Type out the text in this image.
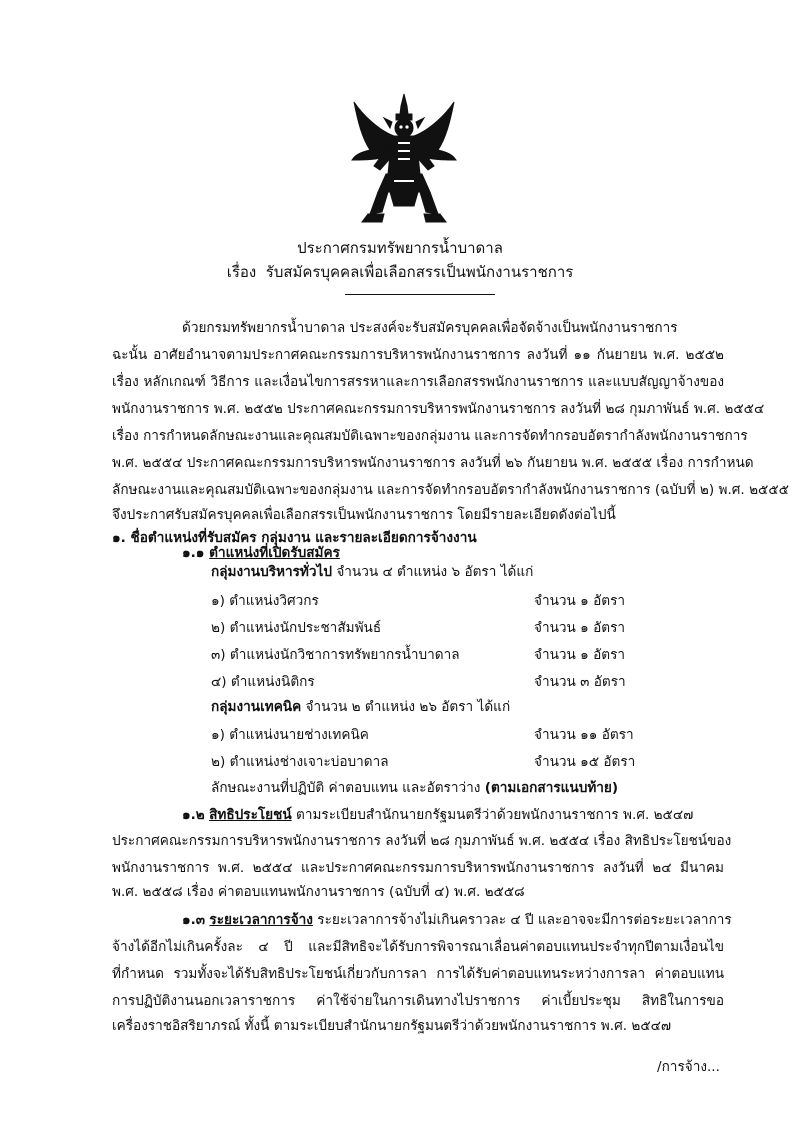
ประกาศกรมทรัพยากรน้ำบาดาล
เรื่อง รับสมัครบุคคลเพื่อเลือกสรรเป็นพนักงานราชการ
ด้วยกรมทรัพยากรน้ำบาดาล ประสงค์จะรับสมัครบุคคลเพื่อจัดจ้างเป็นพนักงานราชการ
ฉะนั้น อาศัยอำนาจตามประกาศคณะกรรมการบริหารพนักงานราชการ ลงวันที่ ๑๑ กันยายน พ.ศ. ๒๕๕๒
เรื่อง หลักเกณฑ์ วิธีการ และเงื่อนไขการสรรหาและการเลือกสรรพนักงานราชการ และแบบสัญญาจ้างของ
พนักงานราชการ พ.ศ. ๒๕๕๒ ประกาศคณะกรรมการบริหารพนักงานราชการ ลงวันที่ ๒๘ กุมภาพันธ์ พ.ศ. ๒๕๕๔
เรื่อง การกำหนดลักษณะงานและคุณสมบัติเฉพาะของกลุ่มงาน และการจัดทำกรอบอัตรากำลังพนักงานราชการ
พ.ศ. ๒๕๕๔ ประกาศคณะกรรมการบริหารพนักงานราชการ ลงวันที่ ๒๖ กันยายน พ.ศ. ๒๕๕๕ เรื่อง การกำหนด
ลักษณะงานและคุณสมบัติเฉพาะของกลุ่มงาน และการจัดทำกรอบอัตรากำลังพนักงานราชการ (ฉบับที่ ๒) พ.ศ. ๒๕๕๕
จึงประกาศรับสมัครบุคคลเพื่อเลือกสรรเป็นพนักงานราชการ โดยมีรายละเอียดดังต่อไปนี้
๑. ชื่อตำแหน่งที่รับสมัคร กลุ่มงาน และรายละเอียดการจ้างงาน
๑.๑ ตำแหน่งที่เปิดรับสมัคร
กลุ่มงานบริหารทั่วไป จำนวน ๔ ตำแหน่ง ๖ อัตรา ได้แก่
๑) ตำแหน่งวิศวกร	จำนวน ๑ อัตรา
๒) ตำแหน่งนักประชาสัมพันธ์	จำนวน ๑ อัตรา
๓) ตำแหน่งนักวิชาการทรัพยากรน้ำบาดาล	จำนวน ๑ อัตรา
๔) ตำแหน่งนิติกร	จำนวน ๓ อัตรา
กลุ่มงานเทคนิค จำนวน ๒ ตำแหน่ง ๒๖ อัตรา ได้แก่
๑) ตำแหน่งนายช่างเทคนิค	จำนวน ๑๑ อัตรา
๒) ตำแหน่งช่างเจาะบ่อบาดาล	จำนวน ๑๕ อัตรา
ลักษณะงานที่ปฏิบัติ ค่าตอบแทน และอัตราว่าง (ตามเอกสารแนบท้าย)
๑.๒ สิทธิประโยชน์ ตามระเบียบสำนักนายกรัฐมนตรีว่าด้วยพนักงานราชการ พ.ศ. ๒๕๔๗
ประกาศคณะกรรมการบริหารพนักงานราชการ ลงวันที่ ๒๘ กุมภาพันธ์ พ.ศ. ๒๕๕๔ เรื่อง สิทธิประโยชน์ของ
พนักงานราชการ พ.ศ. ๒๕๕๔ และประกาศคณะกรรมการบริหารพนักงานราชการ ลงวันที่ ๒๔ มีนาคม
พ.ศ. ๒๕๕๘ เรื่อง ค่าตอบแทนพนักงานราชการ (ฉบับที่ ๔) พ.ศ. ๒๕๕๘
๑.๓ ระยะเวลาการจ้าง ระยะเวลาการจ้างไม่เกินคราวละ ๔ ปี และอาจจะมีการต่อระยะเวลาการ
จ้างได้อีกไม่เกินครั้งละ ๔ ปี และมีสิทธิจะได้รับการพิจารณาเลื่อนค่าตอบแทนประจำทุกปีตามเงื่อนไข
ที่กำหนด รวมทั้งจะได้รับสิทธิประโยชน์เกี่ยวกับการลา การได้รับค่าตอบแทนระหว่างการลา ค่าตอบแทน
การปฏิบัติงานนอกเวลาราชการ ค่าใช้จ่ายในการเดินทางไปราชการ ค่าเบี้ยประชุม สิทธิในการขอ
เครื่องราชอิสริยาภรณ์ ทั้งนี้ ตามระเบียบสำนักนายกรัฐมนตรีว่าด้วยพนักงานราชการ พ.ศ. ๒๕๔๗
/การจ้าง...
